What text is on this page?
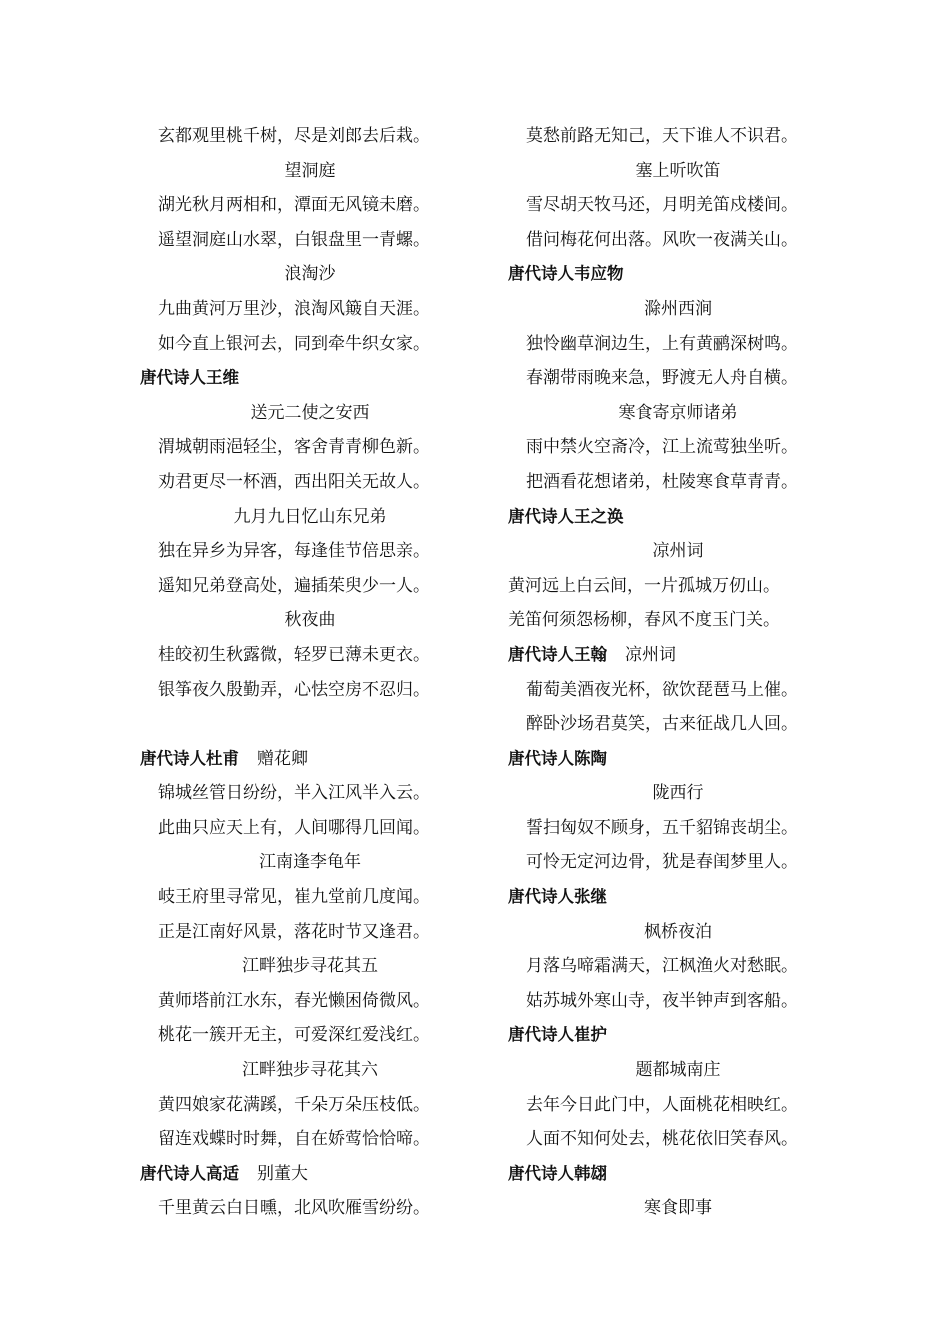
玄都观里桃千树，尽是刘郎去后栽。
望洞庭
湖光秋月两相和，潭面无风镜未磨。
遥望洞庭山水翠，白银盘里一青螺。
浪淘沙
九曲黄河万里沙，浪淘风簸自天涯。
如今直上银河去，同到牵牛织女家。
唐代诗人王维
送元二使之安西
渭城朝雨浥轻尘，客舍青青柳色新。
劝君更尽一杯酒，西出阳关无故人。
九月九日忆山东兄弟
独在异乡为异客，每逢佳节倍思亲。
遥知兄弟登高处，遍插茱臾少一人。
秋夜曲
桂皎初生秋露微，轻罗已薄未更衣。
银筝夜久殷勤弄，心怯空房不忍归。
唐代诗人杜甫 赠花卿
锦城丝管日纷纷，半入江风半入云。
此曲只应天上有，人间哪得几回闻。
江南逢李龟年
岐王府里寻常见，崔九堂前几度闻。
正是江南好风景，落花时节又逢君。
江畔独步寻花其五
黄师塔前江水东，春光懒困倚微风。
桃花一簇开无主，可爱深红爱浅红。
江畔独步寻花其六
黄四娘家花满蹊，千朵万朵压枝低。
留连戏蝶时时舞，自在娇莺恰恰啼。
唐代诗人高适 别董大
千里黄云白日曛，北风吹雁雪纷纷。
莫愁前路无知己，天下谁人不识君。
塞上听吹笛
雪尽胡天牧马还，月明羌笛戍楼间。
借问梅花何出落。风吹一夜满关山。
唐代诗人韦应物
滁州西涧
独怜幽草涧边生，上有黄鹂深树鸣。
春潮带雨晚来急，野渡无人舟自横。
寒食寄京师诸弟
雨中禁火空斋冷，江上流莺独坐听。
把酒看花想诸弟，杜陵寒食草青青。
唐代诗人王之涣
凉州词
黄河远上白云间，一片孤城万仞山。
羌笛何须怨杨柳，春风不度玉门关。
唐代诗人王翰 凉州词
葡萄美酒夜光杯，欲饮琵琶马上催。
醉卧沙场君莫笑，古来征战几人回。
唐代诗人陈陶
陇西行
誓扫匈奴不顾身，五千貂锦丧胡尘。
可怜无定河边骨，犹是春闺梦里人。
唐代诗人张继
枫桥夜泊
月落乌啼霜满天，江枫渔火对愁眠。
姑苏城外寒山寺，夜半钟声到客船。
唐代诗人崔护
题都城南庄
去年今日此门中，人面桃花相映红。
人面不知何处去，桃花依旧笑春风。
唐代诗人韩翃
寒食即事
